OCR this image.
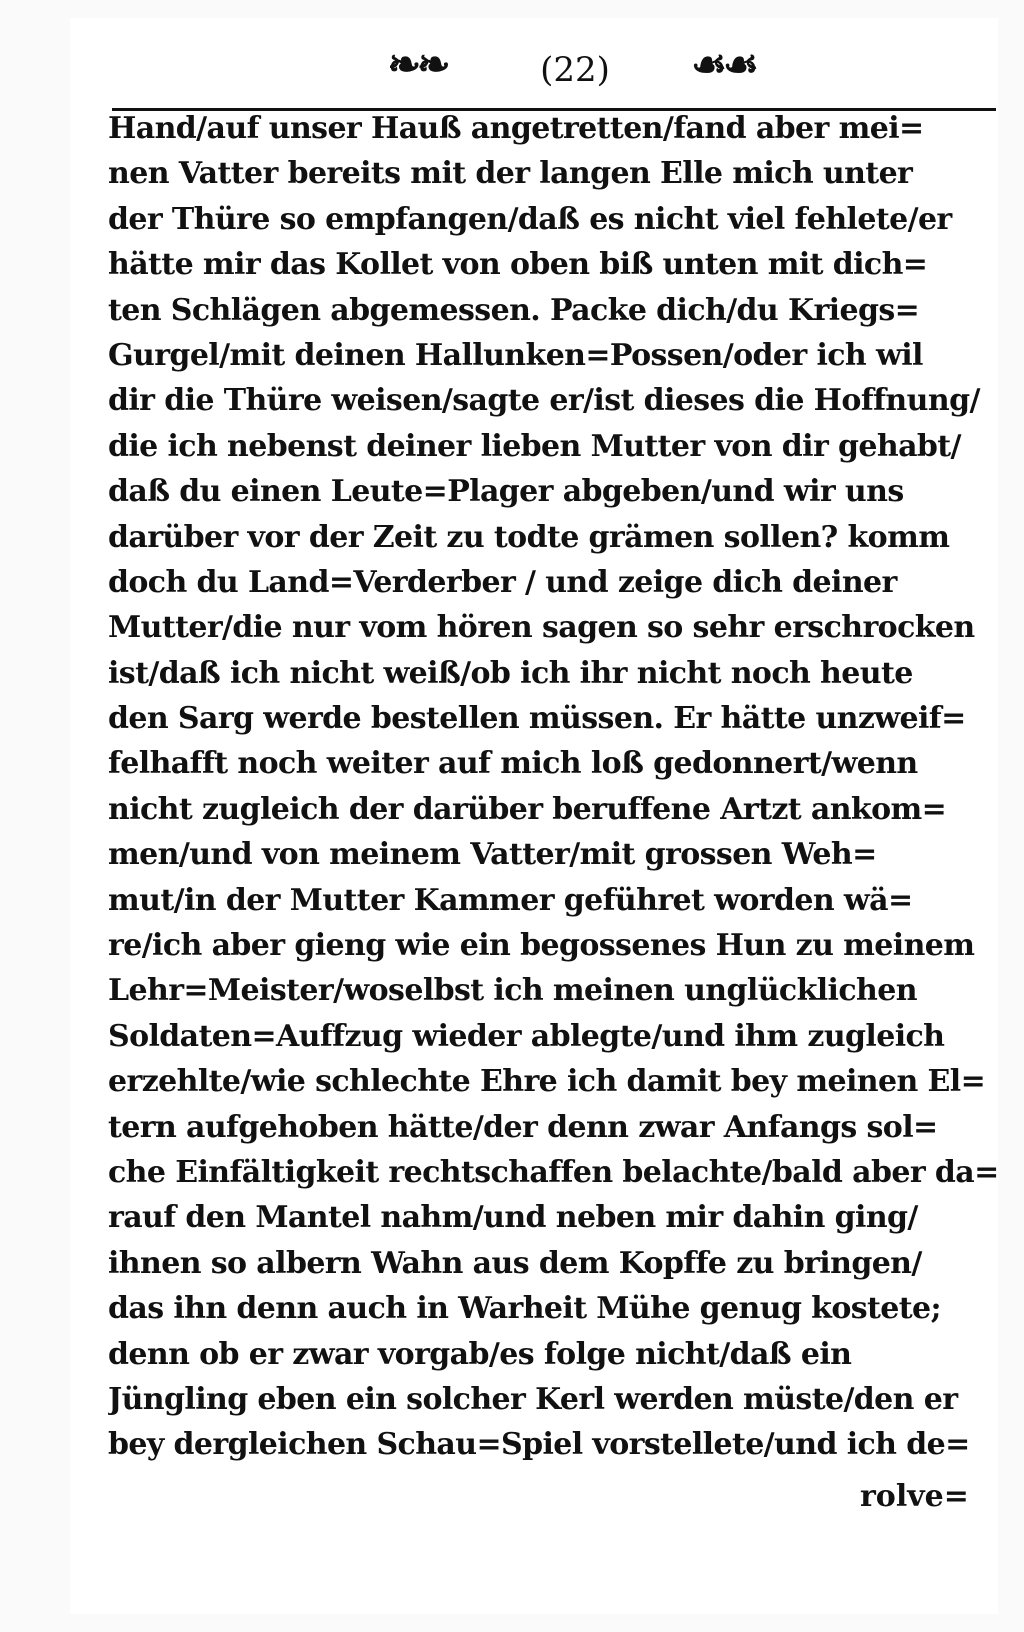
❧❧	(22)	☙☙
Hand/auf unser Hauß angetretten/fand aber mei=
nen Vatter bereits mit der langen Elle mich unter
der Thüre so empfangen/daß es nicht viel fehlete/er
hätte mir das Kollet von oben biß unten mit dich=
ten Schlägen abgemessen. Packe dich/du Kriegs=
Gurgel/mit deinen Hallunken=Possen/oder ich wil
dir die Thüre weisen/sagte er/ist dieses die Hoffnung/
die ich nebenst deiner lieben Mutter von dir gehabt/
daß du einen Leute=Plager abgeben/und wir uns
darüber vor der Zeit zu todte grämen sollen? komm
doch du Land=Verderber / und zeige dich deiner
Mutter/die nur vom hören sagen so sehr erschrocken
ist/daß ich nicht weiß/ob ich ihr nicht noch heute
den Sarg werde bestellen müssen. Er hätte unzweif=
felhafft noch weiter auf mich loß gedonnert/wenn
nicht zugleich der darüber beruffene Artzt ankom=
men/und von meinem Vatter/mit grossen Weh=
mut/in der Mutter Kammer geführet worden wä=
re/ich aber gieng wie ein begossenes Hun zu meinem
Lehr=Meister/woselbst ich meinen unglücklichen
Soldaten=Auffzug wieder ablegte/und ihm zugleich
erzehlte/wie schlechte Ehre ich damit bey meinen El=
tern aufgehoben hätte/der denn zwar Anfangs sol=
che Einfältigkeit rechtschaffen belachte/bald aber da=
rauf den Mantel nahm/und neben mir dahin ging/
ihnen so albern Wahn aus dem Kopffe zu bringen/
das ihn denn auch in Warheit Mühe genug kostete;
denn ob er zwar vorgab/es folge nicht/daß ein
Jüngling eben ein solcher Kerl werden müste/den er
bey dergleichen Schau=Spiel vorstellete/und ich de=
rolve=
